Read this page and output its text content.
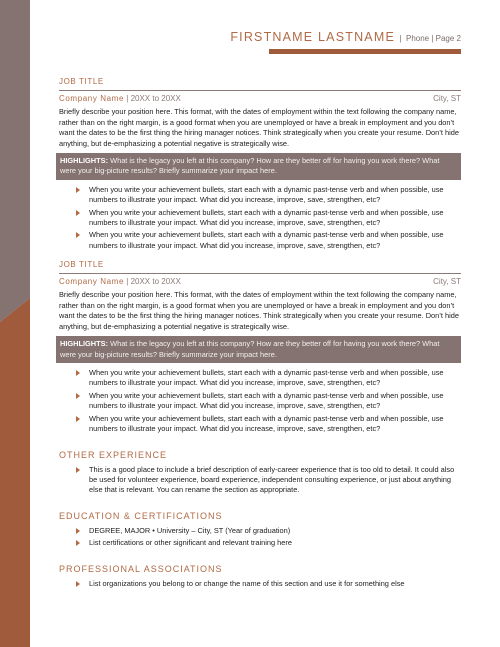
FIRSTNAME LASTNAME | Phone | Page 2
JOB TITLE
Company Name | 20XX to 20XX	City, ST
Briefly describe your position here. This format, with the dates of employment within the text following the company name, rather than on the right margin, is a good format when you are unemployed or have a break in employment and you don’t want the dates to be the first thing the hiring manager notices. Think strategically when you create your resume. Don’t hide anything, but de-emphasizing a potential negative is strategically wise.
HIGHLIGHTS: What is the legacy you left at this company? How are they better off for having you work there? What were your big-picture results? Briefly summarize your impact here.
When you write your achievement bullets, start each with a dynamic past-tense verb and when possible, use numbers to illustrate your impact. What did you increase, improve, save, strengthen, etc?
When you write your achievement bullets, start each with a dynamic past-tense verb and when possible, use numbers to illustrate your impact. What did you increase, improve, save, strengthen, etc?
When you write your achievement bullets, start each with a dynamic past-tense verb and when possible, use numbers to illustrate your impact. What did you increase, improve, save, strengthen, etc?
JOB TITLE
Company Name | 20XX to 20XX	City, ST
Briefly describe your position here. This format, with the dates of employment within the text following the company name, rather than on the right margin, is a good format when you are unemployed or have a break in employment and you don’t want the dates to be the first thing the hiring manager notices. Think strategically when you create your resume. Don’t hide anything, but de-emphasizing a potential negative is strategically wise.
HIGHLIGHTS: What is the legacy you left at this company? How are they better off for having you work there? What were your big-picture results? Briefly summarize your impact here.
When you write your achievement bullets, start each with a dynamic past-tense verb and when possible, use numbers to illustrate your impact. What did you increase, improve, save, strengthen, etc?
When you write your achievement bullets, start each with a dynamic past-tense verb and when possible, use numbers to illustrate your impact. What did you increase, improve, save, strengthen, etc?
When you write your achievement bullets, start each with a dynamic past-tense verb and when possible, use numbers to illustrate your impact. What did you increase, improve, save, strengthen, etc?
OTHER EXPERIENCE
This is a good place to include a brief description of early-career experience that is too old to detail. It could also be used for volunteer experience, board experience, independent consulting experience, or just about anything else that is relevant. You can rename the section as appropriate.
EDUCATION & CERTIFICATIONS
DEGREE, MAJOR • University – City, ST (Year of graduation)
List certifications or other significant and relevant training here
PROFESSIONAL ASSOCIATIONS
List organizations you belong to or change the name of this section and use it for something else
